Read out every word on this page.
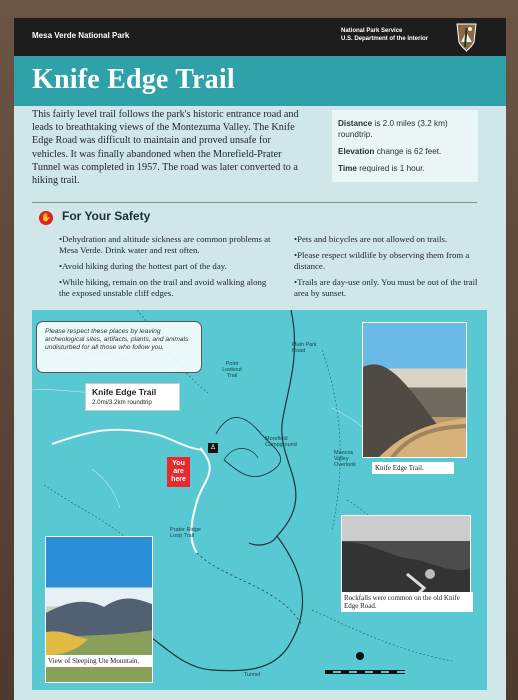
Mesa Verde National Park	National Park Service
U.S. Department of the Interior
Knife Edge Trail
This fairly level trail follows the park's historic entrance road and leads to breathtaking views of the Montezuma Valley. The Knife Edge Road was difficult to maintain and proved unsafe for vehicles. It was finally abandoned when the Morefield-Prater Tunnel was completed in 1957. The road was later converted to a hiking trail.

Distance is 2.0 miles (3.2 km) roundtrip.

Elevation change is 62 feet.

Time required is 1 hour.

✋ For Your Safety
•Dehydration and altitude sickness are common problems at Mesa Verde. Drink water and rest often.
•Avoid hiking during the hottest part of the day.
•While hiking, remain on the trail and avoid walking along the exposed unstable cliff edges.
•Pets and bicycles are not allowed on trails.
•Please respect wildlife by observing them from a distance.
•Trails are day-use only. You must be out of the trail area by sunset.
Point Lookout Trail
Main Park Road
Morefield Campground
Mancos Valley Overlook
Prater Ridge Loop Trail
Tunnel
♙
Please respect these places by leaving archeological sites, artifacts, plants, and animals undisturbed for all those who follow you.
Knife Edge Trail
2.0mi/3.2km roundtrip
You are here
Knife Edge Trail.
Rockfalls were common on the old Knife Edge Road.
View of Sleeping Ute Mountain.
